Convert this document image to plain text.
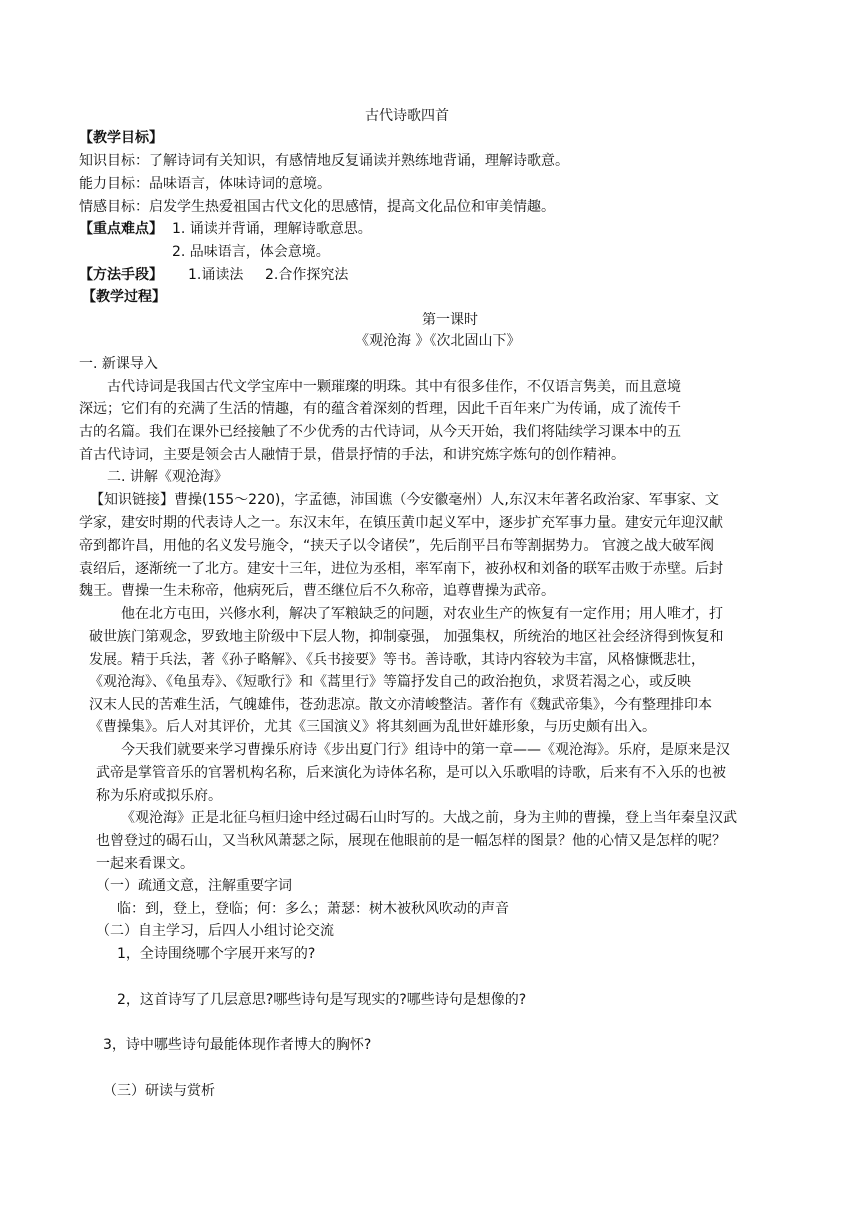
古代诗歌四首
【教学目标】
知识目标：了解诗词有关知识，有感情地反复诵读并熟练地背诵，理解诗歌意。
能力目标：品味语言，体味诗词的意境。
情感目标：启发学生热爱祖国古代文化的思感情，提高文化品位和审美情趣。
【重点难点】 1. 诵读并背诵，理解诗歌意思。
2. 品味语言，体会意境。
【方法手段】 1.诵读法 2.合作探究法
【教学过程】
第一课时
《观沧海 》《次北固山下》
一. 新课导入
古代诗词是我国古代文学宝库中一颗璀璨的明珠。其中有很多佳作，不仅语言隽美，而且意境
深远；它们有的充满了生活的情趣，有的蕴含着深刻的哲理，因此千百年来广为传诵，成了流传千
古的名篇。我们在课外已经接触了不少优秀的古代诗词，从今天开始，我们将陆续学习课本中的五
首古代诗词，主要是领会古人融情于景，借景抒情的手法，和讲究炼字炼句的创作精神。
二. 讲解《观沧海》
【知识链接】曹操(155～220)，字孟德，沛国谯（今安徽毫州）人,东汉末年著名政治家、军事家、文
学家，建安时期的代表诗人之一。东汉末年，在镇压黄巾起义军中，逐步扩充军事力量。建安元年迎汉献
帝到都许昌，用他的名义发号施令，“挟天子以令诸侯”，先后削平吕布等割据势力。 官渡之战大破军阀
袁绍后，逐渐统一了北方。建安十三年，进位为丞相，率军南下，被孙权和刘备的联军击败于赤壁。后封
魏王。曹操一生未称帝，他病死后，曹丕继位后不久称帝，追尊曹操为武帝。
他在北方屯田，兴修水利，解决了军粮缺乏的问题，对农业生产的恢复有一定作用；用人唯才，打
破世族门第观念，罗致地主阶级中下层人物，抑制豪强， 加强集权，所统治的地区社会经济得到恢复和
发展。精于兵法，著《孙子略解》、《兵书接要》等书。善诗歌，其诗内容较为丰富，风格慷慨悲壮，
《观沧海》、《龟虽寿》、《短歌行》和《蒿里行》等篇抒发自己的政治抱负，求贤若渴之心，或反映
汉末人民的苦难生活，气魄雄伟，苍劲悲凉。散文亦清峻整洁。著作有《魏武帝集》，今有整理排印本
《曹操集》。后人对其评价，尤其《三国演义》将其刻画为乱世奸雄形象，与历史颇有出入。
今天我们就要来学习曹操乐府诗《步出夏门行》组诗中的第一章——《观沧海》。乐府，是原来是汉
武帝是掌管音乐的官署机构名称，后来演化为诗体名称，是可以入乐歌唱的诗歌，后来有不入乐的也被
称为乐府或拟乐府。
《观沧海》正是北征乌桓归途中经过碣石山时写的。大战之前，身为主帅的曹操，登上当年秦皇汉武
也曾登过的碣石山，又当秋风萧瑟之际，展现在他眼前的是一幅怎样的图景？他的心情又是怎样的呢？
一起来看课文。
（一）疏通文意，注解重要字词
临：到，登上，登临；何：多么；萧瑟：树木被秋风吹动的声音
（二）自主学习，后四人小组讨论交流
1，全诗围绕哪个字展开来写的?
2，这首诗写了几层意思?哪些诗句是写现实的?哪些诗句是想像的?
3，诗中哪些诗句最能体现作者博大的胸怀?
（三）研读与赏析
